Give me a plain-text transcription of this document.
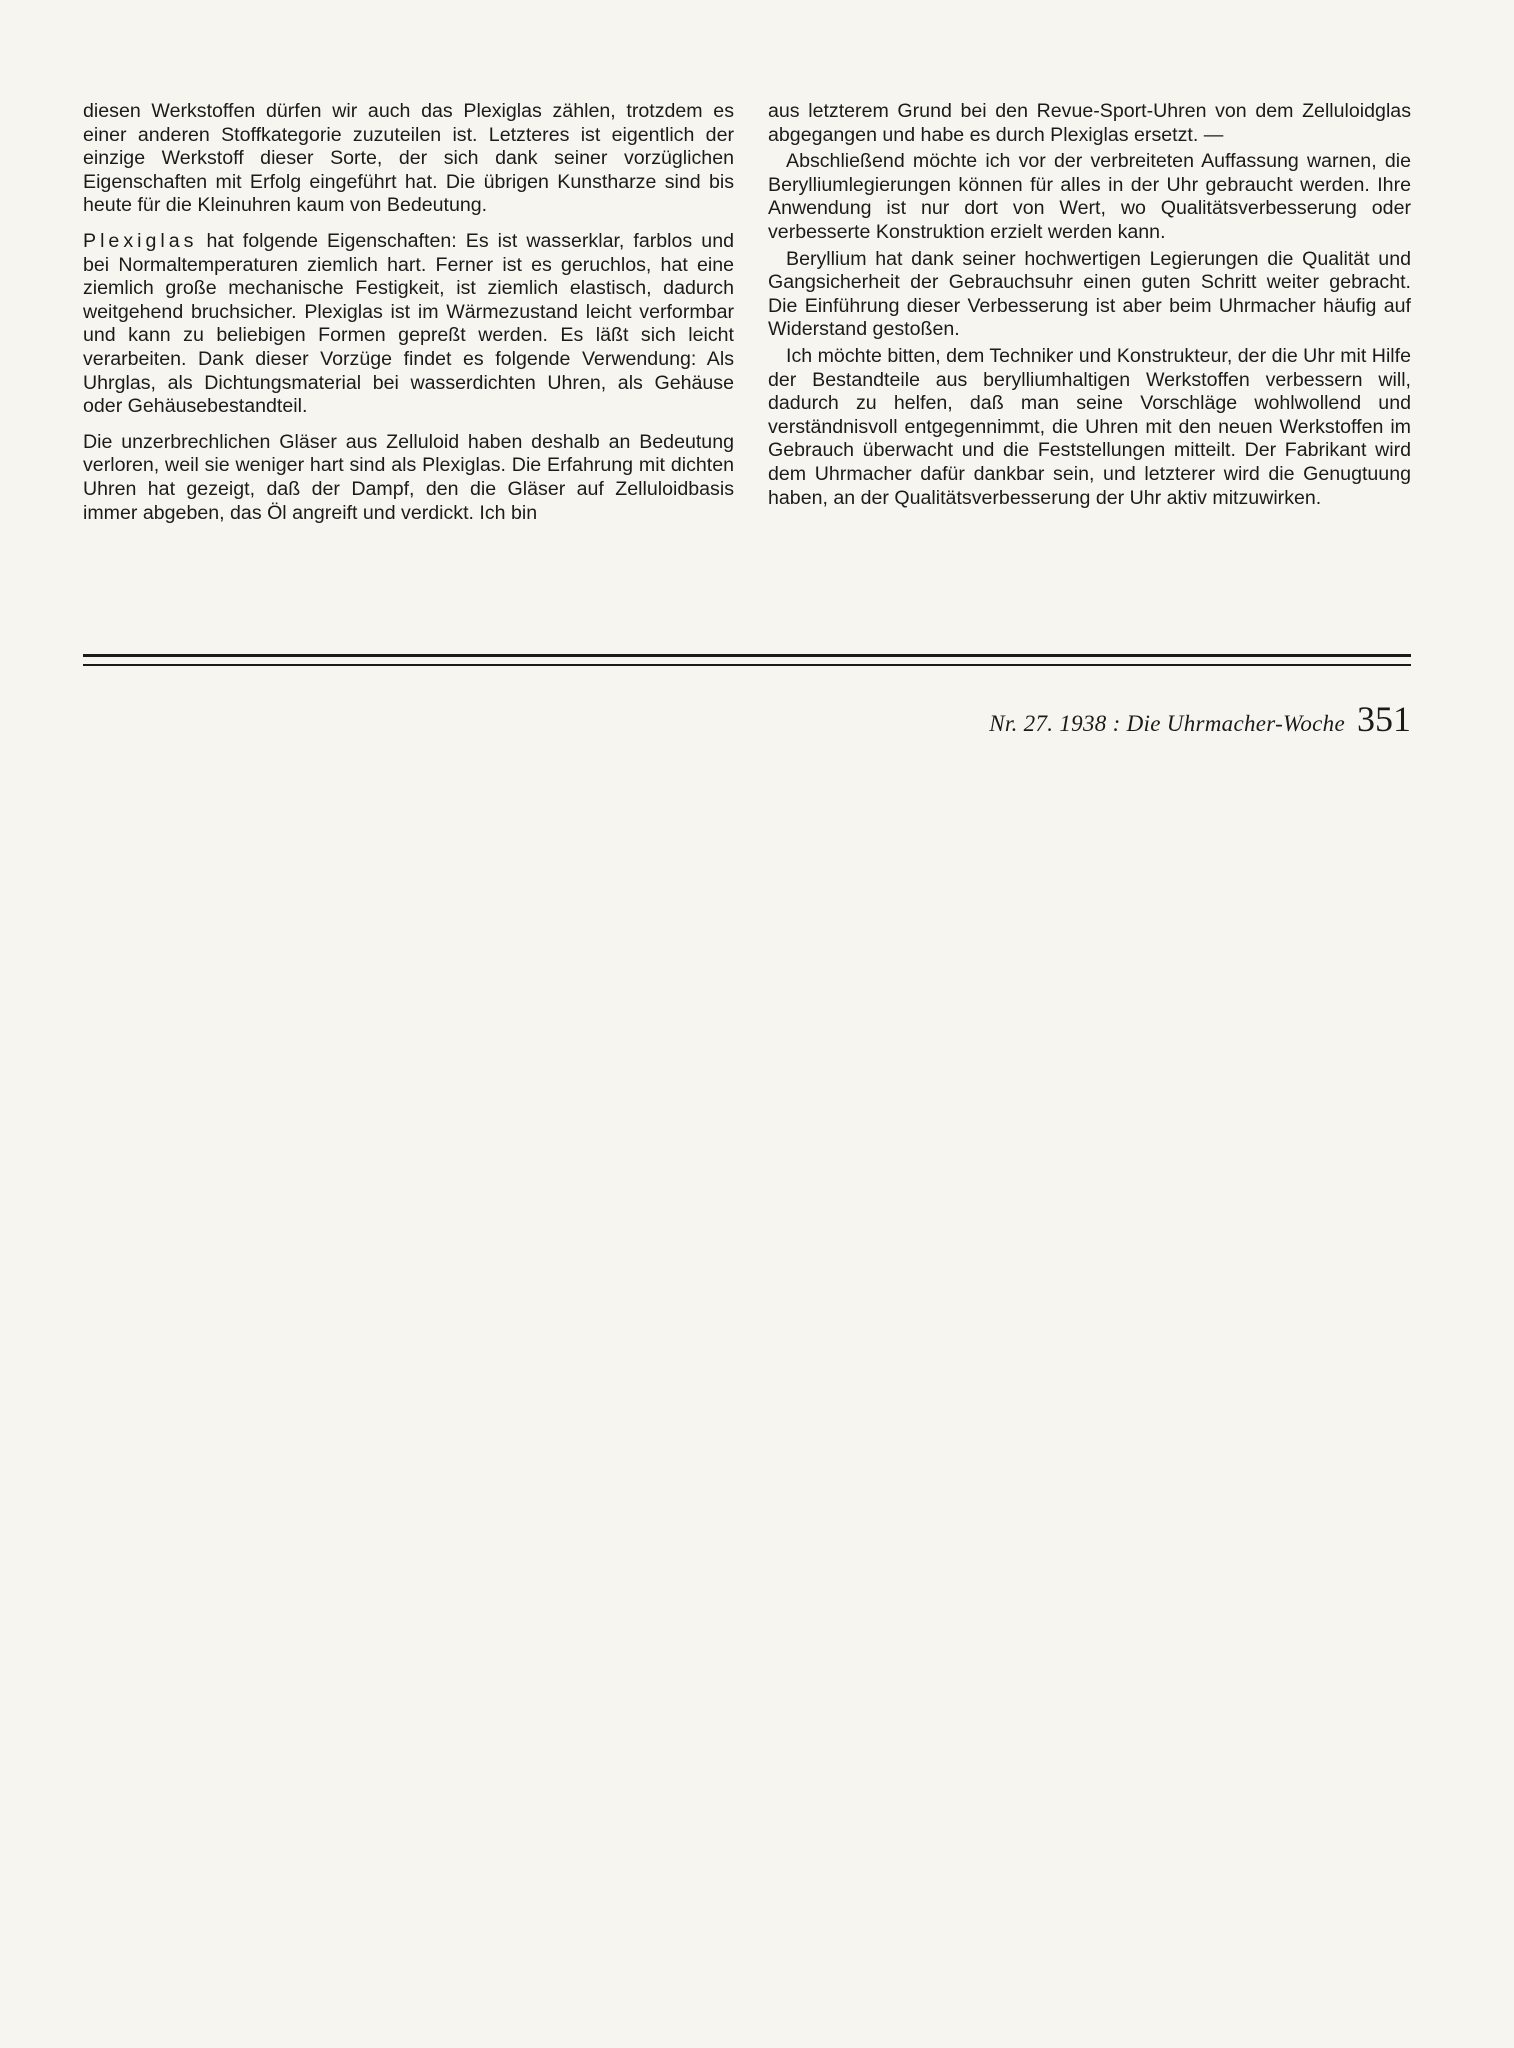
diesen Werkstoffen dürfen wir auch das Plexiglas zählen, trotzdem es einer anderen Stoffkategorie zuzuteilen ist. Letzteres ist eigentlich der einzige Werkstoff dieser Sorte, der sich dank seiner vorzüglichen Eigenschaften mit Erfolg eingeführt hat. Die übrigen Kunstharze sind bis heute für die Kleinuhren kaum von Bedeutung.

Plexiglas hat folgende Eigenschaften: Es ist wasserklar, farblos und bei Normaltemperaturen ziemlich hart. Ferner ist es geruchlos, hat eine ziemlich große mechanische Festigkeit, ist ziemlich elastisch, dadurch weitgehend bruchsicher. Plexiglas ist im Wärmezustand leicht verformbar und kann zu beliebigen Formen gepreßt werden. Es läßt sich leicht verarbeiten. Dank dieser Vorzüge findet es folgende Verwendung: Als Uhrglas, als Dichtungsmaterial bei wasserdichten Uhren, als Gehäuse oder Gehäusebestandteil.

Die unzerbrechlichen Gläser aus Zelluloid haben deshalb an Bedeutung verloren, weil sie weniger hart sind als Plexiglas. Die Erfahrung mit dichten Uhren hat gezeigt, daß der Dampf, den die Gläser auf Zelluloidbasis immer abgeben, das Öl angreift und verdickt. Ich bin

aus letzterem Grund bei den Revue-Sport-Uhren von dem Zelluloidglas abgegangen und habe es durch Plexiglas ersetzt. —

Abschließend möchte ich vor der verbreiteten Auffassung warnen, die Berylliumlegierungen können für alles in der Uhr gebraucht werden. Ihre Anwendung ist nur dort von Wert, wo Qualitätsverbesserung oder verbesserte Konstruktion erzielt werden kann.

Beryllium hat dank seiner hochwertigen Legierungen die Qualität und Gangsicherheit der Gebrauchsuhr einen guten Schritt weiter gebracht. Die Einführung dieser Verbesserung ist aber beim Uhrmacher häufig auf Widerstand gestoßen.

Ich möchte bitten, dem Techniker und Konstrukteur, der die Uhr mit Hilfe der Bestandteile aus berylliumhaltigen Werkstoffen verbessern will, dadurch zu helfen, daß man seine Vorschläge wohlwollend und verständnisvoll entgegennimmt, die Uhren mit den neuen Werkstoffen im Gebrauch überwacht und die Feststellungen mitteilt. Der Fabrikant wird dem Uhrmacher dafür dankbar sein, und letzterer wird die Genugtuung haben, an der Qualitätsverbesserung der Uhr aktiv mitzuwirken.

Nr. 27. 1938 : Die Uhrmacher-Woche 351
